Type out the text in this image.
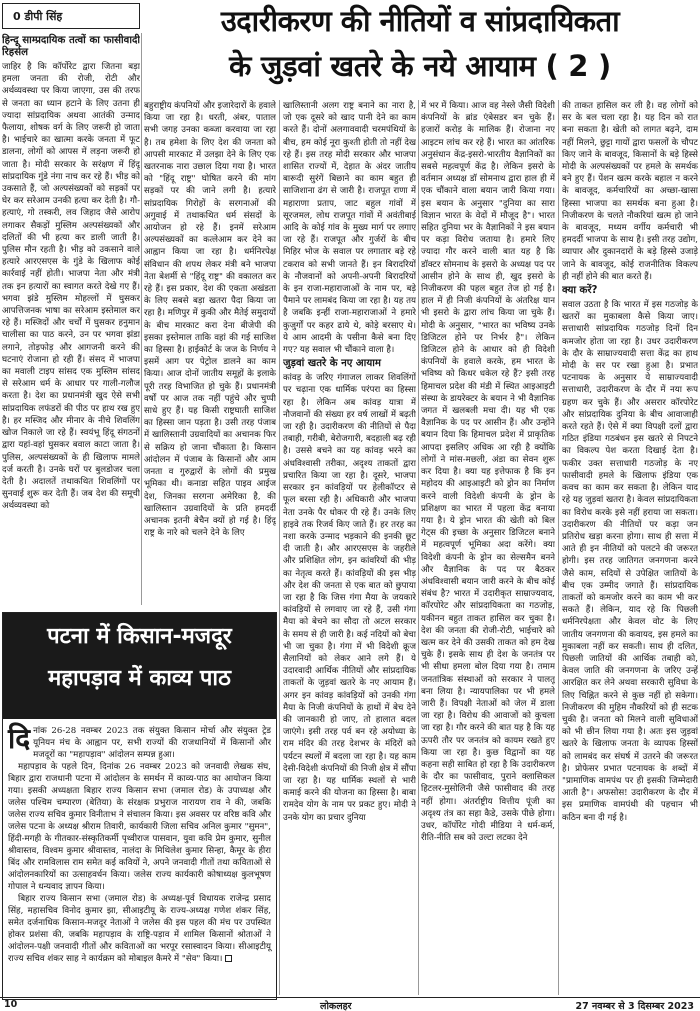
0 डीपी सिंह	उदारीकरण की नीतियों व सांप्रदायिकता
के जुड़वां खतरे के नये आयाम ( 2 )
हिन्दू साम्प्रदायिक तत्वों का फासीवादी रिहर्सल

जाहिर है कि कॉर्पोरेट द्वारा जितना बड़ा हमला जनता की रोजी, रोटी और अर्थव्यवस्था पर किया जाएगा, उस की तरफ से जनता का ध्यान हटाने के लिए उतना ही ज्यादा सांप्रदायिक अथवा आतंकी उन्माद फैलाया, शोषक वर्ग के लिए जरूरी हो जाता है। भाईचारे का खात्मा करके जनता में फूट डालना, लोगों को आपस में लड़ना जरूरी हो जाता है। मोदी सरकार के सरंक्षण में हिंदू सांप्रदायिक गुंडे नंगा नाच कर रहे हैं। भीड़ को उकसाते हैं, जो अल्पसंख्यकों को सड़कों पर घेर कर सरेआम उनकी हत्या कर देती है। गौ-हत्याएं, गो तस्करी, लव जिहाद जैसे आरोप लगाकर सैकड़ों मुस्लिम अल्पसंख्यकों और दलितों की भी हत्या कर डाली जाती है। पुलिस मौन रहती है। भीड़ को उकसाने वाले हत्यारे आरएसएस के गुंडे के खिलाफ कोई कार्रवाई नहीं होती। भाजपा नेता और मंत्री तक इन हत्यारों का स्वागत करते देखे गए हैं। भगवा झंडे मुस्लिम मोहल्लों में घुसकर आपत्तिजनक भाषा का सरेआम इस्तेमाल कर रहे हैं। मस्जिदों और चर्चों में घुसकर हनुमान चालीसा का पाठ करने, उन पर भगवा झंडा लगाने, तोड़फोड़ और आगजनी करने की घटनाएं रोजाना हो रही हैं। संसद में भाजपा का मवाली टाइप सांसद एक मुस्लिम सांसद से सरेआम धर्म के आधार पर गाली-गलौज करता है। देश का प्रधानमंत्री खुद ऐसे सभी सांप्रदायिक लफंडरों की पीठ पर हाथ रख हुए है। हर मस्जिद और मीनार के नीचे शिवलिंग खोज निकाले जा रहे हैं। स्वयंभू हिंदू संगठनों द्वारा यहां-वहां घुसकर बवाल काटा जाता है। पुलिस, अल्पसंख्यकों के ही खिलाफ मामले दर्ज करती है। उनके घरों पर बुलडोजर चला देती है। अदालतें तथाकथित शिवलिंगों पर सुनवाई शुरू कर देती हैं। जब देश की समूची अर्थव्यवस्था को

बहुराष्ट्रीय कंपनियों और इजारेदारों के हवाले किया जा रहा है। धरती, अंबर, पाताल सभी जगह उनका कब्जा करवाया जा रहा है। तब हमेशा के लिए देश की जनता को आपसी मारकाट में उलझा देने के लिए एक खतरनाक नारा उछाल दिया गया है। भारत को "हिंदू राष्ट्र" घोषित करने की मांग सड़कों पर की जाने लगी है। हत्यारे सांप्रदायिक गिरोहों के सरगनाओं की अगुवाई में तथाकथित धर्म संसदों के आयोजन हो रहे हैं। इनमें सरेआम अल्पसंख्यकों का कत्लेआम कर देने का आह्वान किया जा रहा है। धर्मनिरपेक्ष संविधान की शपथ लेकर मंत्री बने भाजपा नेता बेशर्मी से "हिंदू राष्ट्र" की वकालत कर रहे हैं। इस प्रकार, देश की एकता अखंडता के लिए सबसे बड़ा खतरा पैदा किया जा रहा है। मणिपुर में कुकी और मैतेई समुदायों के बीच मारकाट करा देना बीजेपी की इसका इस्तेमाल ताकि वहां की गई साजिश का हिस्सा है। हाईकोर्ट के जज के निर्णय ने इसमें आग पर पेट्रोल डालने का काम किया। आज दोनों जातीय समूहों के इलाके पूरी तरह विभाजित हो चुके हैं। प्रधानमंत्री वर्षों पर आज तक नहीं पहुंचे और चुप्पी साधे हुए हैं। यह किसी राष्ट्रघाती साजिश का हिस्सा जान पड़ता है। उसी तरह पंजाब में खालिस्तानी उग्रवादियों का अचानक फिर से सक्रिय हो जाना चौंकाता है। किसान आंदोलन में पंजाब के किसानों और आम जनता व गुरुद्वारों के लोगों की प्रमुख भूमिका थी। कनाडा सहित पाइव आईज देश, जिनका सरगना अमेरिका है, की खालिस्तान उग्रवादियों के प्रति हमदर्दी अचानक इतनी बेचैन क्यों हो गई है। हिंदू राष्ट्र के नारे को चलने देने के लिए

खालिस्तानी अलग राष्ट्र बनाने का नारा है, जो एक दूसरे को खाद पानी देने का काम करते हैं। दोनों अलगाववादी चरमपंथियों के बीच, हम कोई नूरा कुश्ती होती तो नहीं देख रहे हैं। इस तरह मोदी सरकार और भाजपा शासित राज्यों में, देहात के अंदर जातीय बारूदी सुरंगें बिछाने का काम बहुत ही साजिशाना ढंग से जारी है। राजपूत राणा में महाराणा प्रताप, जाट बहुल गांवों में सूरजमल, लोध राजपूत गांवों में अवंतीबाई आदि के कोई गांव के मुख्य मार्ग पर लगाए जा रहे हैं। राजपूत और गुर्जरों के बीच मिहिर भोज के सवाल पर लगातार बड़े रहे टकराव को सभी जानते हैं। इन बिरादरियों के नौजवानों को अपनी-अपनी बिरादरियों के इन राजा-महाराजाओं के नाम पर, बड़े पैमाने पर लामबंद किया जा रहा है। यह तय है जबकि इन्हीं राजा-महाराजाओं ने हमारे कुजुर्गों पर कहर ढाये थे, कोड़े बरसाए थे। ये आम आदमी के पसीना कैसे बना दिए गए? यह सवाल भी चौंकाने वाला है।

जुड़वां खतरे के नए आयाम

कांवड़ के जरिए गंगाजल लाकर शिवलिंगों पर चढ़ाना एक धार्मिक परंपरा का हिस्सा रहा है। लेकिन अब कांवड़ यात्रा में नौजवानों की संख्या हर वर्ष लाखों में बढ़ती जा रही है। उदारीकरण की नीतियों से पैदा तबाही, गरीबी, बेरोजगारी, बदहाली बढ़ रही है। उससे बचने का यह कांवड़ भरने का अंधविश्वासी तरीका, अदृश्य ताकतों द्वारा प्रचारित किया जा रहा है। दूसरे, भाजपा सरकार इन कांवड़ियों पर हेलीकॉप्टर से फूल बरसा रही है। अधिकारी और भाजपा नेता उनके पैर धोकर पी रहे हैं। उनके लिए हाइवे तक रिजर्व किए जाते हैं। हर तरह का नशा करके उन्माद भड़काने की इनकी छूट दी जाती है। और आरएसएस के जहरीले और प्रशिक्षित लोग, इन कांवरियों की भीड़ का नेतृत्व करते हैं। कांवड़ियों की इस भीड़ और देश की जनता से एक बात को छुपाया जा रहा है कि जिस गंगा मैया के जयकारे कांवड़ियों से लगवाए जा रहे हैं, उसी गंगा मैया को बेचने का सौदा तो अटल सरकार के समय से ही जारी है। कई नदियों को बेचा भी जा चुका है। गंगा में भी विदेशी क्रूज सैलानियों को लेकर आने लगे हैं। ये उदारवादी आर्थिक नीतियों और सांप्रदायिक ताकतों के जुड़वां खतरे के नए आयाम हैं। अगर इन कांवड़ कांवड़ियों को उनकी गंगा मैया के निजी कंपनियों के हाथों में बेच देने की जानकारी हो जाए, तो हालात बदल जाएंगे। इसी तरह पर्व बन रहे अयोध्या के राम मंदिर की तरह देशभर के मंदिरों को पर्यटन स्थलों में बदला जा रहा है। यह काम देसी-विदेशी कंपनियों की निजी क्षेत्र में सौंपा जा रहा है। यह धार्मिक स्थलों से भारी कमाई करने की योजना का हिस्सा है। बाबा रामदेव योग के नाम पर प्रकट हुए। मोदी ने उनके योग का प्रचार दुनिया

में भर में किया। आज वह नेस्ले जैसी विदेशी कंपनियों के ब्रांड एंबेसडर बन चुके हैं। हजारों करोड़ के मालिक हैं। रोजाना नए आइटम लांच कर रहे हैं। भारत का आंतरिक अनुसंधान केंद्र-इसरो-भारतीय वैज्ञानिकों का सबसे महत्वपूर्ण केंद्र है। लेकिन इसरो के वर्तमान अध्यक्ष डॉ सोमनाथ द्वारा हाल ही में एक चौंकाने वाला बयान जारी किया गया। इस बयान के अनुसार "दुनिया का सारा विज्ञान भारत के वेदों में मौजूद है"। भारत सहित दुनिया भर के वैज्ञानिकों ने इस बयान पर कड़ा विरोध जताया है। हमारे लिए ज्यादा गौर करने वाली बात यह है कि डॉक्टर सोमनाथ के इसरो के अध्यक्ष पद पर आसीन होने के साथ ही, खुद इसरो के निजीकरण की पहल बहुत तेज हो गई है। हाल में ही निजी कंपनियों के अंतरिक्ष यान भी इसरो के द्वारा लांच किया जा चुके हैं। मोदी के अनुसार, "भारत का भविष्य उनके डिजिटल होने पर निर्भर है"। लेकिन डिजिटल होने के आधार को ही विदेशी कंपनियों के हवाले करके, हम भारत के भविष्य को किधर धकेल रहे हैं? इसी तरह हिमाचल प्रदेश की मंडी में स्थित आइआइटी संस्था के डायरेक्टर के बयान ने भी वैज्ञानिक जगत में खलबली मचा दी। यह भी एक वैज्ञानिक के पद पर आसीन हैं। और उन्होंने बयान दिया कि हिमाचल प्रदेश में प्राकृतिक आपदा इसलिए अधिक आ रही है क्योंकि लोगों ने मांस-मछली, अंडा का सेवन शुरू कर दिया है। क्या यह इत्तेफाक है कि इन महोदय की आइआइटी को ड्रोन का निर्माण करने वाली विदेशी कंपनी के ड्रोन के प्रशिक्षण का भारत में पहला केंद्र बनाया गया है। ये ड्रोन भारत की खेती को बिल गेट्स की इच्छा के अनुसार डिजिटल बनाने में महत्वपूर्ण भूमिका अदा करेंगे। क्या विदेशी कंपनी के ड्रोन का सेल्समैन बनने और वैज्ञानिक के पद पर बैठकर अंधविश्वासी बयान जारी करने के बीच कोई संबंध है? भारत में उदारीकृत साम्राज्यवाद, कॉरपोरेट और सांप्रदायिकता का गठजोड़, यकीनन बहुत ताकत हासिल कर चुका है। देश की जनता की रोजी-रोटी, भाईचारे को खत्म कर देने की उसकी ताकत को हम देख चुके हैं। इसके साथ ही देश के जनतंत्र पर भी सीधा हमला बोल दिया गया है। तमाम जनतांत्रिक संस्थाओं को सरकार ने पालतू बना लिया है। न्यायपालिका पर भी हमले जारी हैं। विपक्षी नेताओं को जेल में डाला जा रहा है। विरोध की आवाजों को कुचला जा रहा है। गौर करने की बात यह है कि यह ऊपरी तौर पर जनतंत्र को कायम रखते हुए किया जा रहा है। कुछ विद्वानों का यह कहना सही साबित हो रहा है कि उदारीकरण के दौर का फासीवाद, पुराने क्लासिकल हिटलर-मुसोलिनी जैसे फासीवाद की तरह नहीं होगा। अंतर्राष्ट्रीय वित्तीय पूंजी का अदृश्य तंत्र का सहा कैडे, उसके पीछे होगा। उधर, कॉर्पोरेट गोदी मीडिया ने धर्म-कर्म, रीति-नीति सब को उल्टा लटका देने

की ताकत हासिल कर ली है। वह लोगों को सर के बल चला रहा है। यह दिन को रात बना सकता है। खेती को लागत बढ़ने, दाम नहीं मिलने, छुट्टा गायों द्वारा फसलों के चौपट किए जाने के बावजूद, किसानों के बड़े हिस्से मोदी के अल्पसंख्यकों पर हमले के समर्थक बने हुए हैं। पेंशन खत्म करके बहाल न करने के बावजूद, कर्मचारियों का अच्छा-खासा हिस्सा भाजपा का समर्थक बना हुआ है। निजीकरण के चलते नौकरियां खत्म हो जाने के बावजूद, मध्यम वर्गीय कर्मचारी भी हमदर्दी भाजपा के साथ है। इसी तरह उद्योग, व्यापार और दुकानदारों के बड़े हिस्से उजाड़े जाने के बावजूद, कोई राजनीतिक विकल्प ही नहीं होने की बात करते हैं।

क्या करें?

सवाल उठता है कि भारत में इस गठजोड़ के खतरों का मुकाबला कैसे किया जाए। सत्ताधारी सांप्रदायिक गठजोड़ दिनों दिन कमजोर होता जा रहा है। उधर उदारीकरण के दौर के साम्राज्यवादी सत्ता केंद्र का हाथ मोदी के सर पर रखा हुआ है। प्रभात पटनायक के अनुसार ये साम्राज्यवादी सत्ताधारी, उदारीकरण के दौर में नया रूप ग्रहण कर चुके हैं। और असरार कॉरपोरेट और सांप्रदायिक दुनिया के बीच आवाजाही करते रहते हैं। ऐसे में क्या विपक्षी दलों द्वारा गठित इंडिया गठबंधन इस खतरे से निपटने का विकल्प पेश करता दिखाई देता है। फकीर उक्त सत्ताधारी गठजोड़ के नए फासीवादी हमले के खिलाफ इंडिया एक कवच का काम कर सकता है। लेकिन याद रहे यह जुड़वां खतरा है। केवल सांप्रदायिकता का विरोध करके इसे नहीं हराया जा सकता। उदारीकरण की नीतियों पर कड़ा जन प्रतिरोध खड़ा करना होगा। साथ ही सत्ता में आते ही इन नीतियों को पलटने की जरूरत होगी। इस तरह जातिगत जनगणना करने जैसे काम, सदियों से उपेक्षित जातियों के बीच एक उम्मीद जगाते हैं। सांप्रदायिक ताकतों को कमजोर करने का काम भी कर सकते हैं। लेकिन, याद रहे कि पिछली धर्मनिरपेक्षता और केवल वोट के लिए जातीय जनगणना की कवायद, इस हमले का मुकाबला नहीं कर सकती। साथ ही दलित, पिछली जातियों की आर्थिक तबाही को, केवल जाति की जनगणना के जरिए उन्हें आरक्षित कर लेने अथवा सरकारी सुविधा के लिए चिह्नित करने से कुछ नहीं हो सकेगा। निजीकरण की मुहिम नौकरियों को ही सटक चुकी है। जनता को मिलने वाली सुविधाओं को भी छीन लिया गया है। अतः इस जुड़वां खतरे के खिलाफ जनता के व्यापक हिस्सों को लामबंद कर संघर्ष में उतरने की जरूरत है। प्रोफेसर प्रभात पटनायक के शब्दों में "प्रामाणिक वामपंथ पर ही इसकी जिम्मेदारी आती है"। अफसोस! उदारीकरण के दौर में इस प्रमाणिक वामपंथी की पहचान भी कठिन बना दी गई है।

पटना में किसान-मजदूर
महापड़ाव में काव्य पाठ

दिनांक 26-28 नवम्बर 2023 तक संयुक्त किसान मोर्चा और संयुक्त ट्रेड यूनियन मंच के आह्वान पर, सभी राज्यों की राजधानियों में किसानों और मजदूरों का "महापड़ाव" आंदोलन सम्पन्न हुआ।

महापड़ाव के पहले दिन, दिनांक 26 नवम्बर 2023 को जनवादी लेखक संघ, बिहार द्वारा राजधानी पटना में आंदोलन के समर्थन में काव्य-पाठ का आयोजन किया गया। इसकी अध्यक्षता बिहार राज्य किसान सभा (जमाल रोड) के उपाध्यक्ष और जलेस पश्चिम चम्पारण (बेतिया) के संरक्षक प्रभुराज नारायण राव ने की, जबकि जलेस राज्य सचिव कुमार विनीताभ ने संचालन किया। इस अवसर पर वरिष्ठ कवि और जलेस पटना के अध्यक्ष श्रीराम तिवारी, कार्यकारी जिला सचिव अनिल कुमार "सुमन", हिंदी-मगही के गीतकार-संस्कृतिकर्मी पृथ्वीराज पासवान, युवा कवि प्रेम कुमार, सुनील श्रीवास्तव, विश्वम कुमार श्रीवास्तव, नालंदा के मिथिलेश कुमार सिन्हा, कैमूर के हीरा बिंद और रामविलास राम समेत कई कवियों ने, अपने जनवादी गीतों तथा कविताओं से आंदोलनकारियों का उत्साहवर्धन किया। जलेस राज्य कार्यकारी कोषाध्यक्ष कुलभूषण गोपाल ने धन्यवाद ज्ञापन किया।

बिहार राज्य किसान सभा (जमाल रोड) के अध्यक्ष-पूर्व विधायक राजेन्द्र प्रसाद सिंह, महासचिव विनोद कुमार झा, सीआइटीयू के राज्य-अध्यक्ष गणेश शंकर सिंह, समेत दर्जनाधिक किसान-मजदूर नेताओं ने जलेस की इस पहल की मंच पर उपस्थित होकर प्रशंसा की, जबकि महापड़ाव के राष्ट्रि-पड़ाव में शामिल किसानों श्रोताओं ने आंदोलन-पक्षी जनवादी गीतों और कविताओं का भरपूर रसास्वादन किया। सीआइटीयू राज्य सचिव शंकर साह ने कार्यक्रम को मोबाइल कैमरे में "सेव" किया।

10	लोकलहर	27 नवम्बर से 3 दिसम्बर 2023
